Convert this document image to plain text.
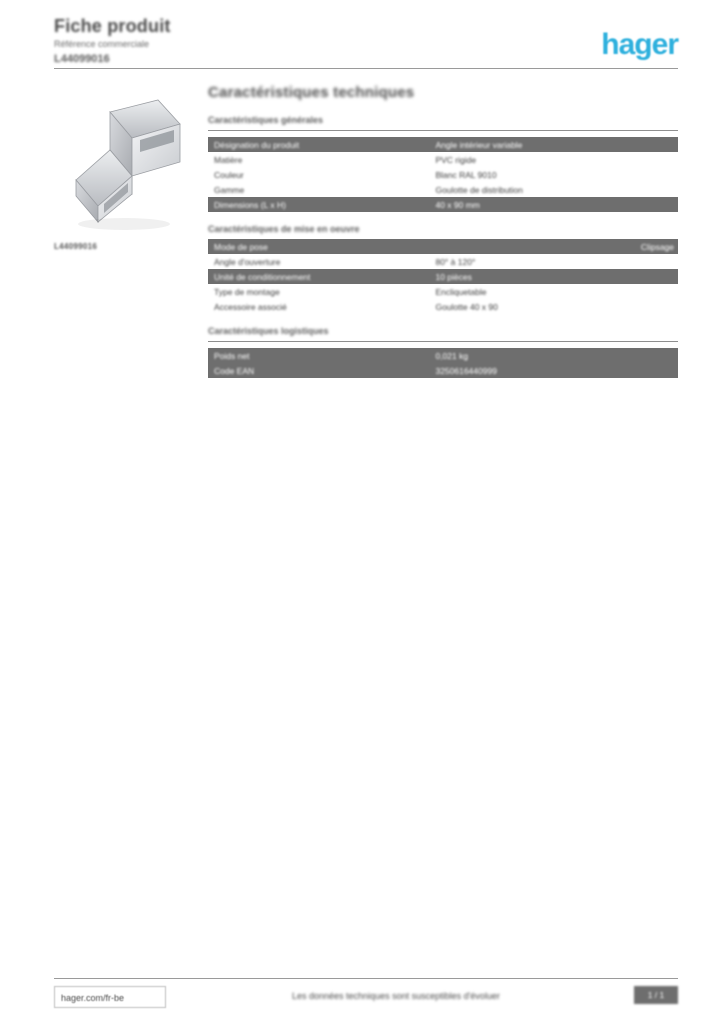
Fiche produit
Référence commerciale
L44099016	hager
L44099016
Caractéristiques techniques
Caractéristiques générales
Désignation du produit	Angle intérieur variable
Matière	PVC rigide
Couleur	Blanc RAL 9010
Gamme	Goulotte de distribution
Dimensions (L x H)	40 x 90 mm
Caractéristiques de mise en oeuvre
Mode de pose	Clipsage
Angle d'ouverture	80° à 120°
Unité de conditionnement	10 pièces
Type de montage	Encliquetable
Accessoire associé	Goulotte 40 x 90
Caractéristiques logistiques
Poids net	0,021 kg
Code EAN	3250616440999
hager.com/fr-be	Les données techniques sont susceptibles d'évoluer	1 / 1
